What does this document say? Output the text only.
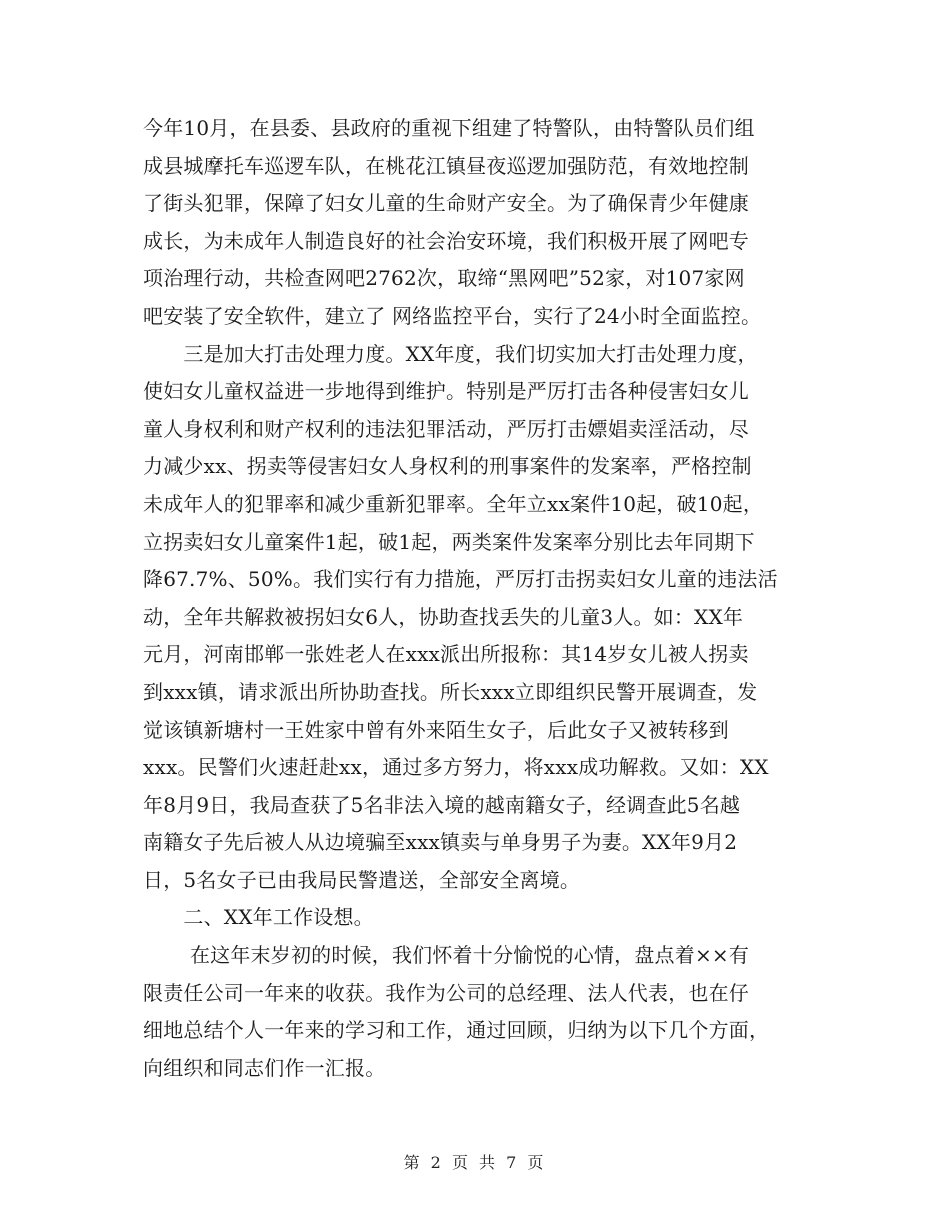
今年10月，在县委、县政府的重视下组建了特警队，由特警队员们组
成县城摩托车巡逻车队，在桃花江镇昼夜巡逻加强防范，有效地控制
了街头犯罪，保障了妇女儿童的生命财产安全。为了确保青少年健康
成长，为未成年人制造良好的社会治安环境，我们积极开展了网吧专
项治理行动，共检查网吧2762次，取缔“黑网吧”52家，对107家网
吧安装了安全软件，建立了 网络监控平台，实行了24小时全面监控。
　　三是加大打击处理力度。XX年度，我们切实加大打击处理力度，
使妇女儿童权益进一步地得到维护。特别是严厉打击各种侵害妇女儿
童人身权利和财产权利的违法犯罪活动，严厉打击嫖娼卖淫活动，尽
力减少xx、拐卖等侵害妇女人身权利的刑事案件的发案率，严格控制
未成年人的犯罪率和减少重新犯罪率。全年立xx案件10起，破10起，
立拐卖妇女儿童案件1起，破1起，两类案件发案率分别比去年同期下
降67.7%、50%。我们实行有力措施，严厉打击拐卖妇女儿童的违法活
动，全年共解救被拐妇女6人，协助查找丢失的儿童3人。如：XX年
元月，河南邯郸一张姓老人在xxx派出所报称：其14岁女儿被人拐卖
到xxx镇，请求派出所协助查找。所长xxx立即组织民警开展调查，发
觉该镇新塘村一王姓家中曾有外来陌生女子，后此女子又被转移到
xxx。民警们火速赶赴xx，通过多方努力，将xxx成功解救。又如：XX
年8月9日，我局查获了5名非法入境的越南籍女子，经调查此5名越
南籍女子先后被人从边境骗至xxx镇卖与单身男子为妻。XX年9月2
日，5名女子已由我局民警遣送，全部安全离境。
　　二、XX年工作设想。
　　 在这年末岁初的时候，我们怀着十分愉悦的心情，盘点着××有
限责任公司一年来的收获。我作为公司的总经理、法人代表，也在仔
细地总结个人一年来的学习和工作，通过回顾，归纳为以下几个方面，
向组织和同志们作一汇报。
第 2 页 共 7 页
